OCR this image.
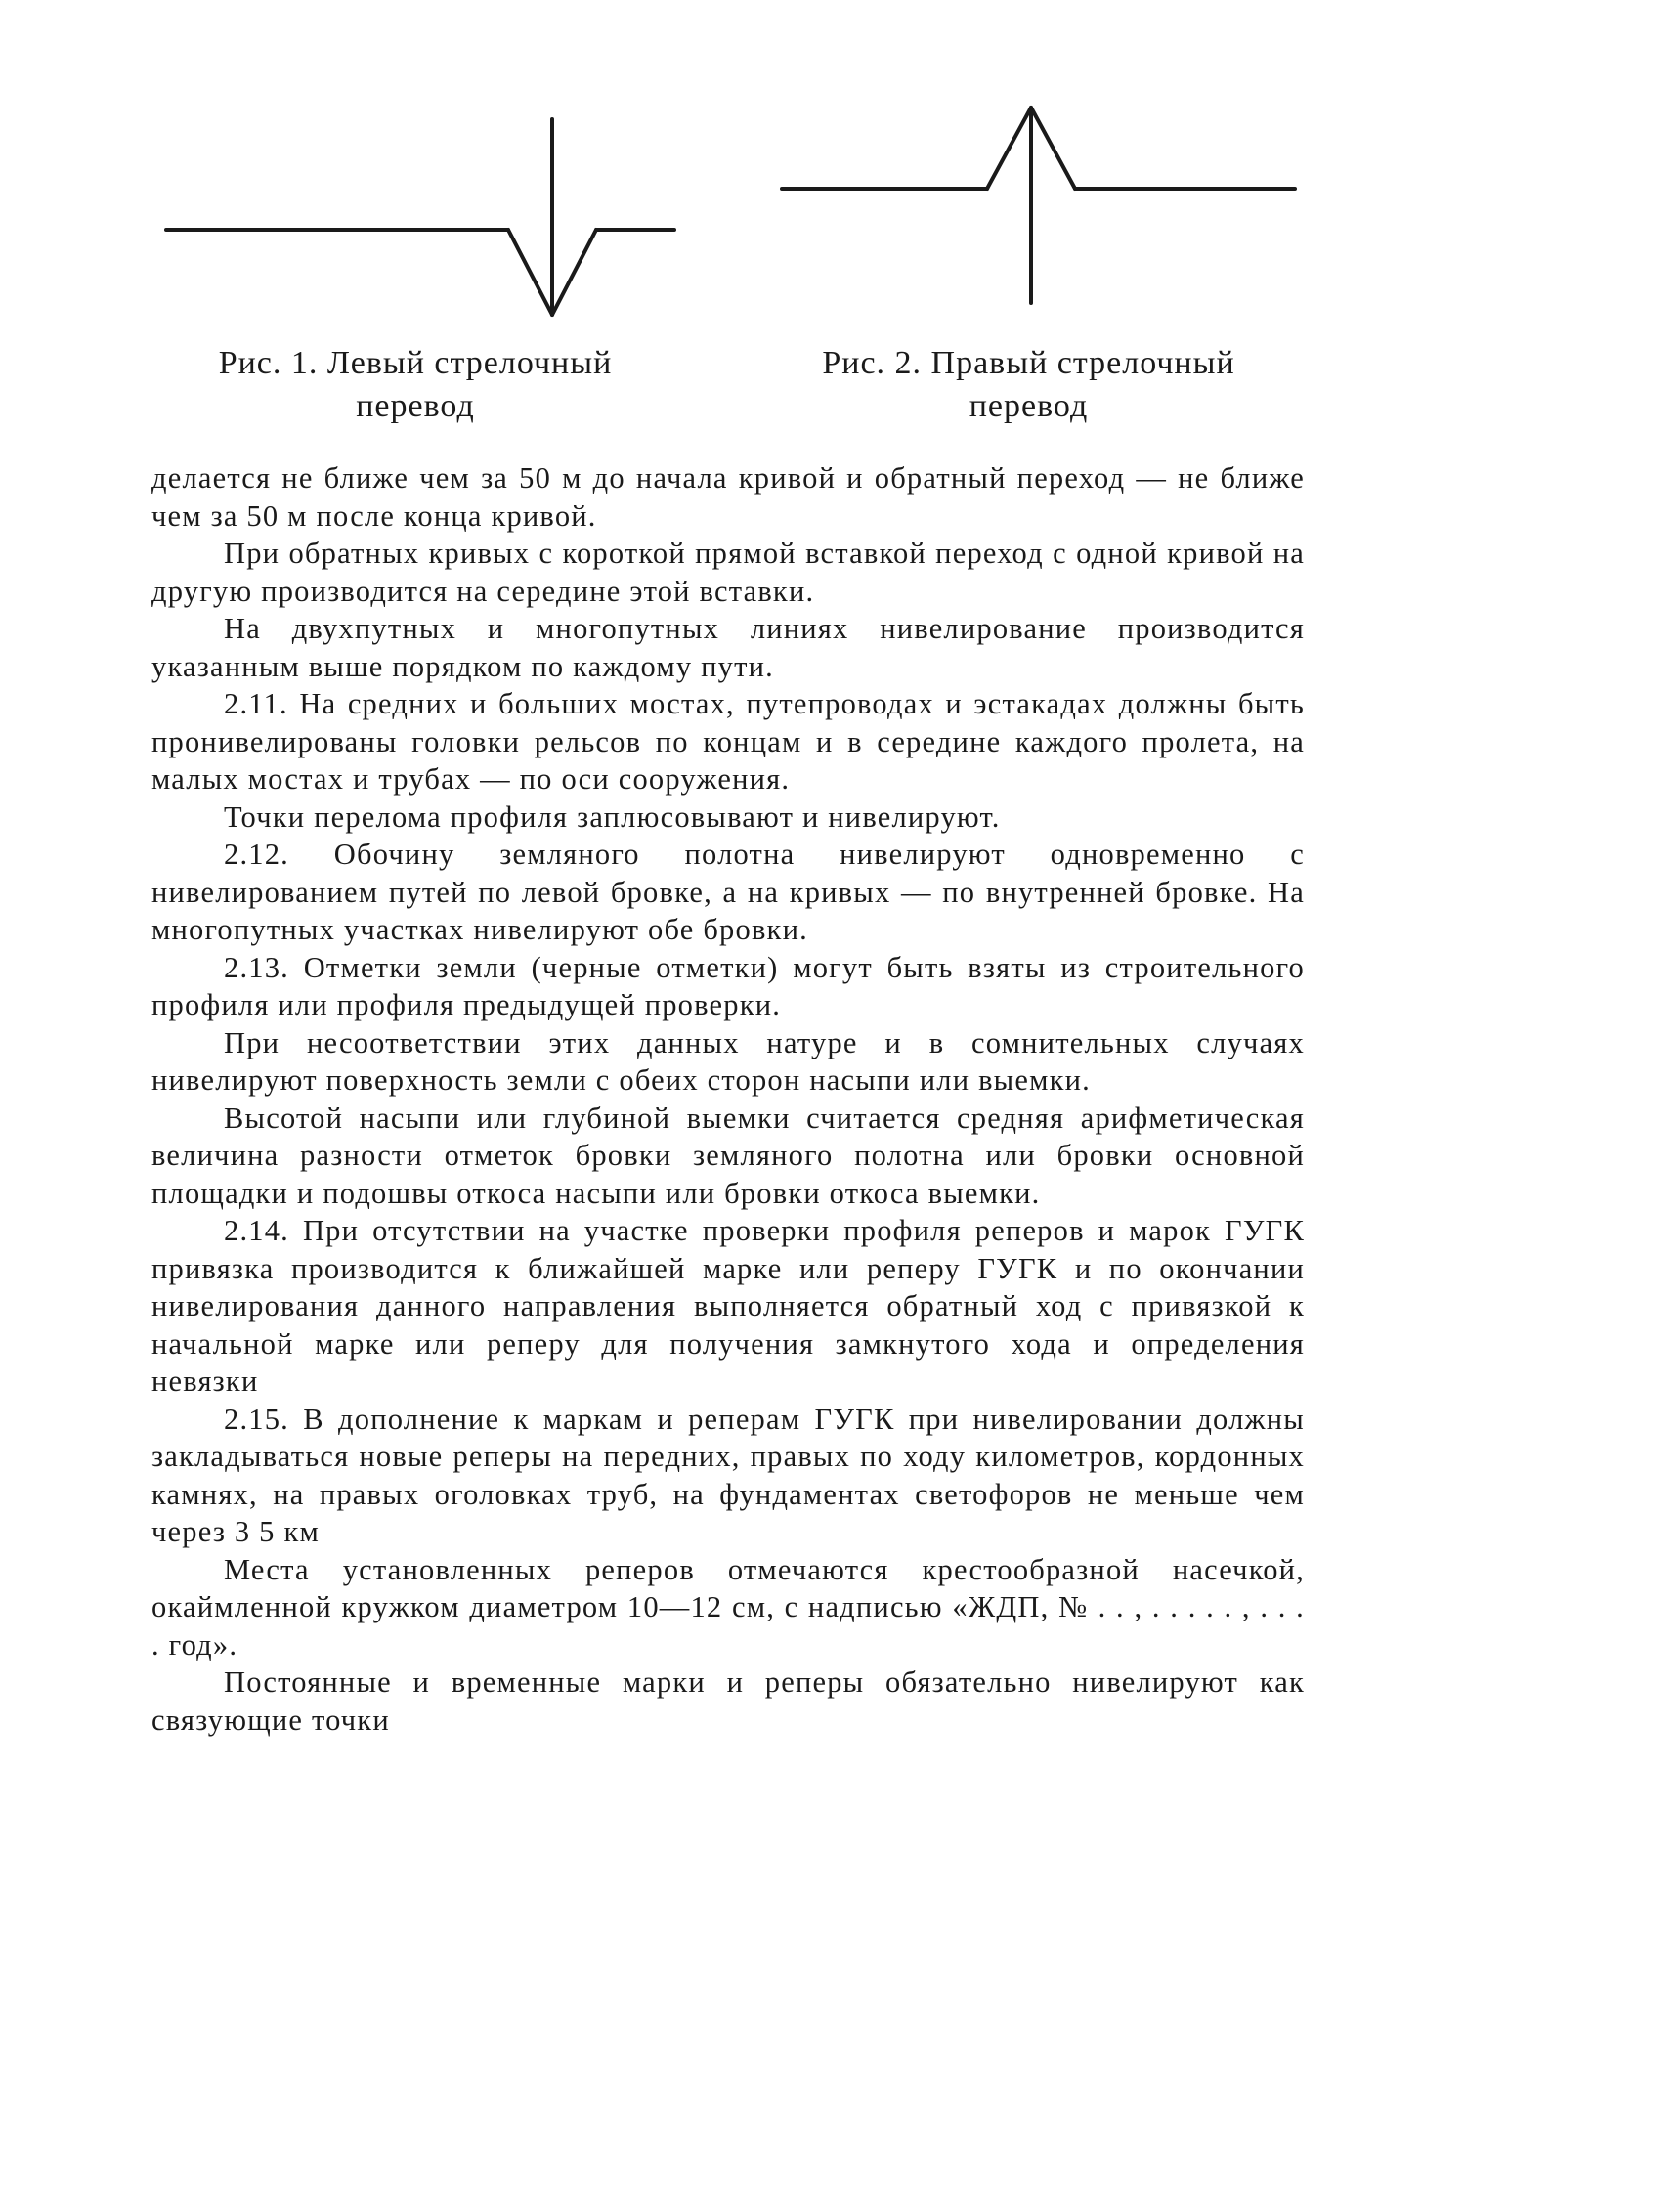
Рис. 1. Левый стрелочный
перевод
Рис. 2. Правый стрелочный
перевод

делается не ближе чем за 50 м до начала кривой и обратный переход — не ближе чем за 50 м после конца кривой.

При обратных кривых с короткой прямой вставкой переход с одной кривой на другую производится на середине этой вставки.

На двухпутных и многопутных линиях нивелирование производится указанным выше порядком по каждому пути.

2.11. На средних и больших мостах, путепроводах и эстакадах должны быть пронивелированы головки рельсов по концам и в середине каждого пролета, на малых мостах и трубах — по оси сооружения.

Точки перелома профиля заплюсовывают и нивелируют.

2.12. Обочину земляного полотна нивелируют одновременно с нивелированием путей по левой бровке, а на кривых — по внутренней бровке. На многопутных участках нивелируют обе бровки.

2.13. Отметки земли (черные отметки) могут быть взяты из строительного профиля или профиля предыдущей проверки.

При несоответствии этих данных натуре и в сомнительных случаях нивелируют поверхность земли с обеих сторон насыпи или выемки.

Высотой насыпи или глубиной выемки считается средняя арифметическая величина разности отметок бровки земляного полотна или бровки основной площадки и подошвы откоса насыпи или бровки откоса выемки.

2.14. При отсутствии на участке проверки профиля реперов и марок ГУГК привязка производится к ближайшей марке или реперу ГУГК и по окончании нивелирования данного направления выполняется обратный ход с привязкой к начальной марке или реперу для получения замкнутого хода и определения невязки

2.15. В дополнение к маркам и реперам ГУГК при нивелировании должны закладываться новые реперы на передних, правых по ходу километров, кордонных камнях, на правых оголовках труб, на фундаментах светофоров не меньше чем через 3 5 км

Места установленных реперов отмечаются крестообразной насечкой, окаймленной кружком диаметром 10—12 см, с надписью «ЖДП, № . . , . . . . . , . . . . год».

Постоянные и временные марки и реперы обязательно нивелируют как связующие точки
